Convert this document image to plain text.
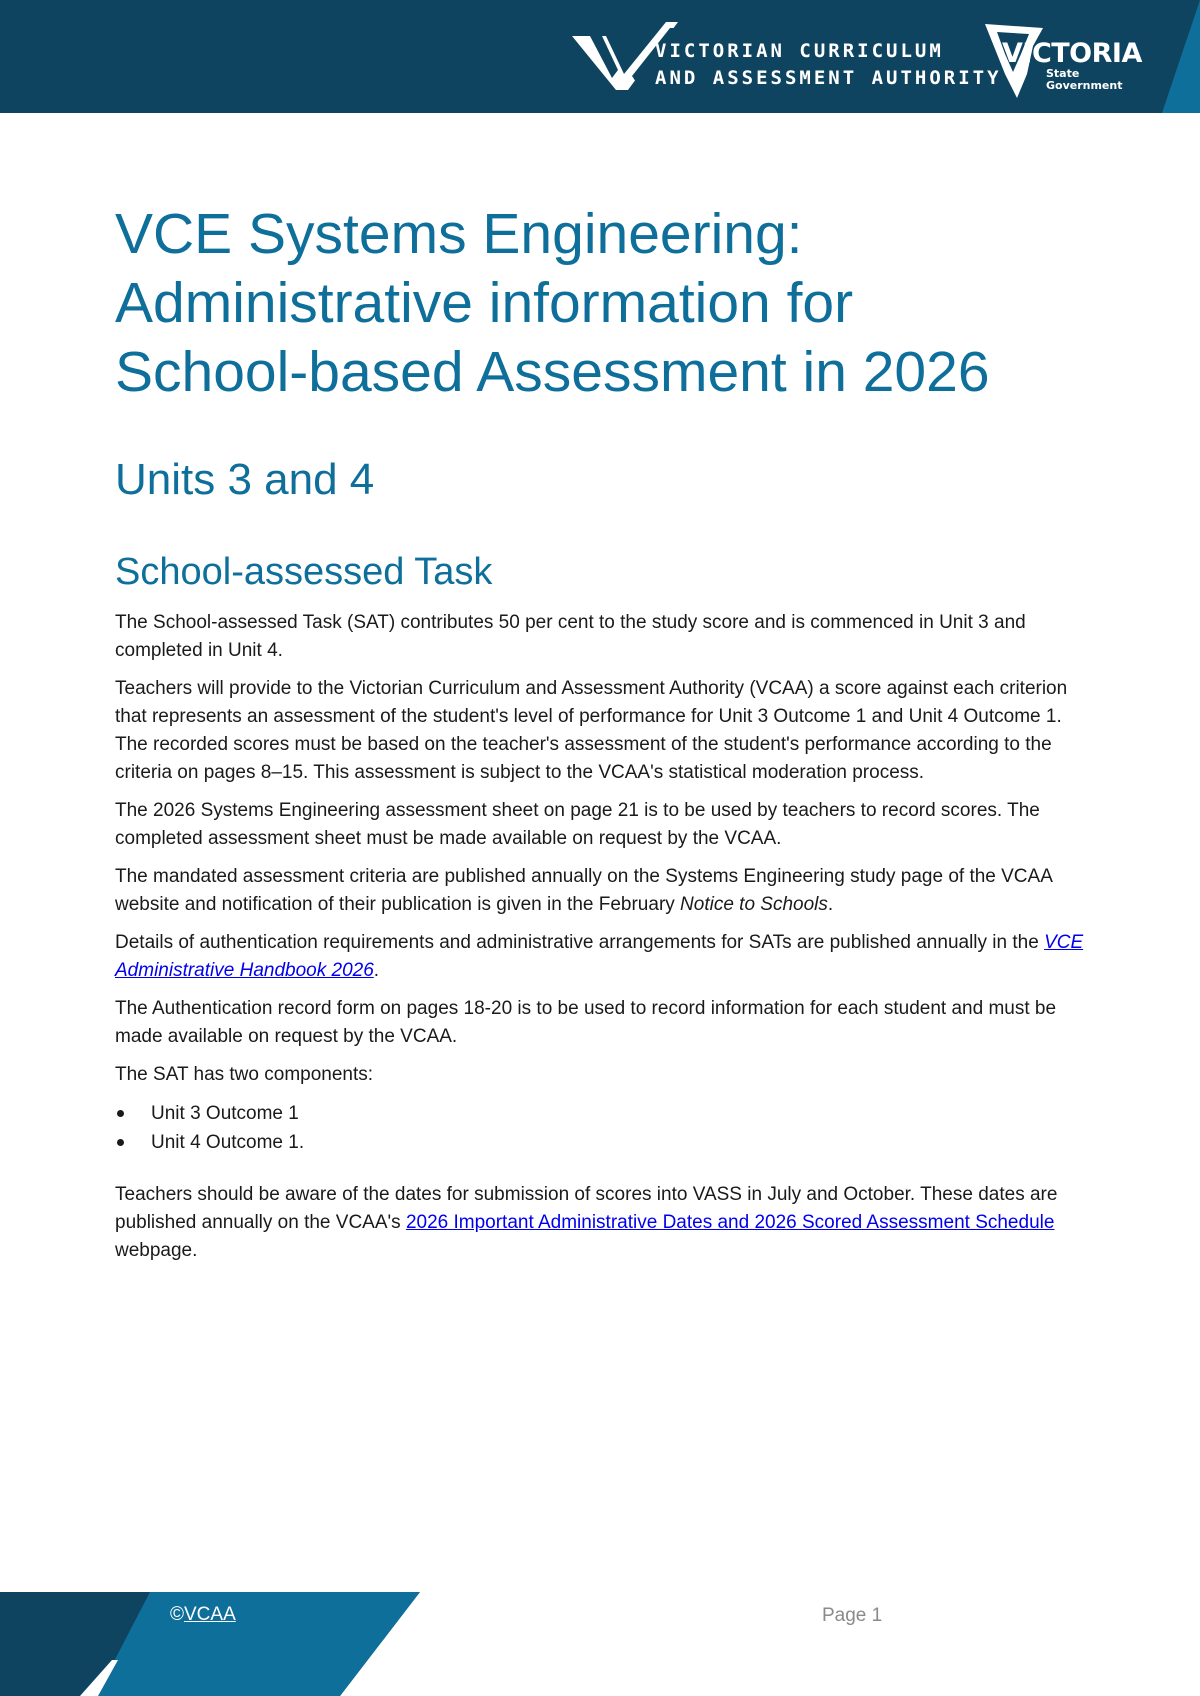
VICTORIAN CURRICULUM
AND ASSESSMENT AUTHORITY
VICTORIA
State
Government
VCE Systems Engineering:
Administrative information for
School-based Assessment in 2026
Units 3 and 4
School-assessed Task

The School-assessed Task (SAT) contributes 50 per cent to the study score and is commenced in Unit 3 and completed in Unit 4.

Teachers will provide to the Victorian Curriculum and Assessment Authority (VCAA) a score against each criterion that represents an assessment of the student's level of performance for Unit 3 Outcome 1 and Unit 4 Outcome 1. The recorded scores must be based on the teacher's assessment of the student's performance according to the criteria on pages 8–15. This assessment is subject to the VCAA's statistical moderation process.

The 2026 Systems Engineering assessment sheet on page 21 is to be used by teachers to record scores. The completed assessment sheet must be made available on request by the VCAA.

The mandated assessment criteria are published annually on the Systems Engineering study page of the VCAA website and notification of their publication is given in the February Notice to Schools.

Details of authentication requirements and administrative arrangements for SATs are published annually in the VCE Administrative Handbook 2026.

The Authentication record form on pages 18-20 is to be used to record information for each student and must be made available on request by the VCAA.

The SAT has two components:

Unit 3 Outcome 1
Unit 4 Outcome 1.

Teachers should be aware of the dates for submission of scores into VASS in July and October. These dates are published annually on the VCAA's 2026 Important Administrative Dates and 2026 Scored Assessment Schedule webpage.

©VCAA	Page 1
